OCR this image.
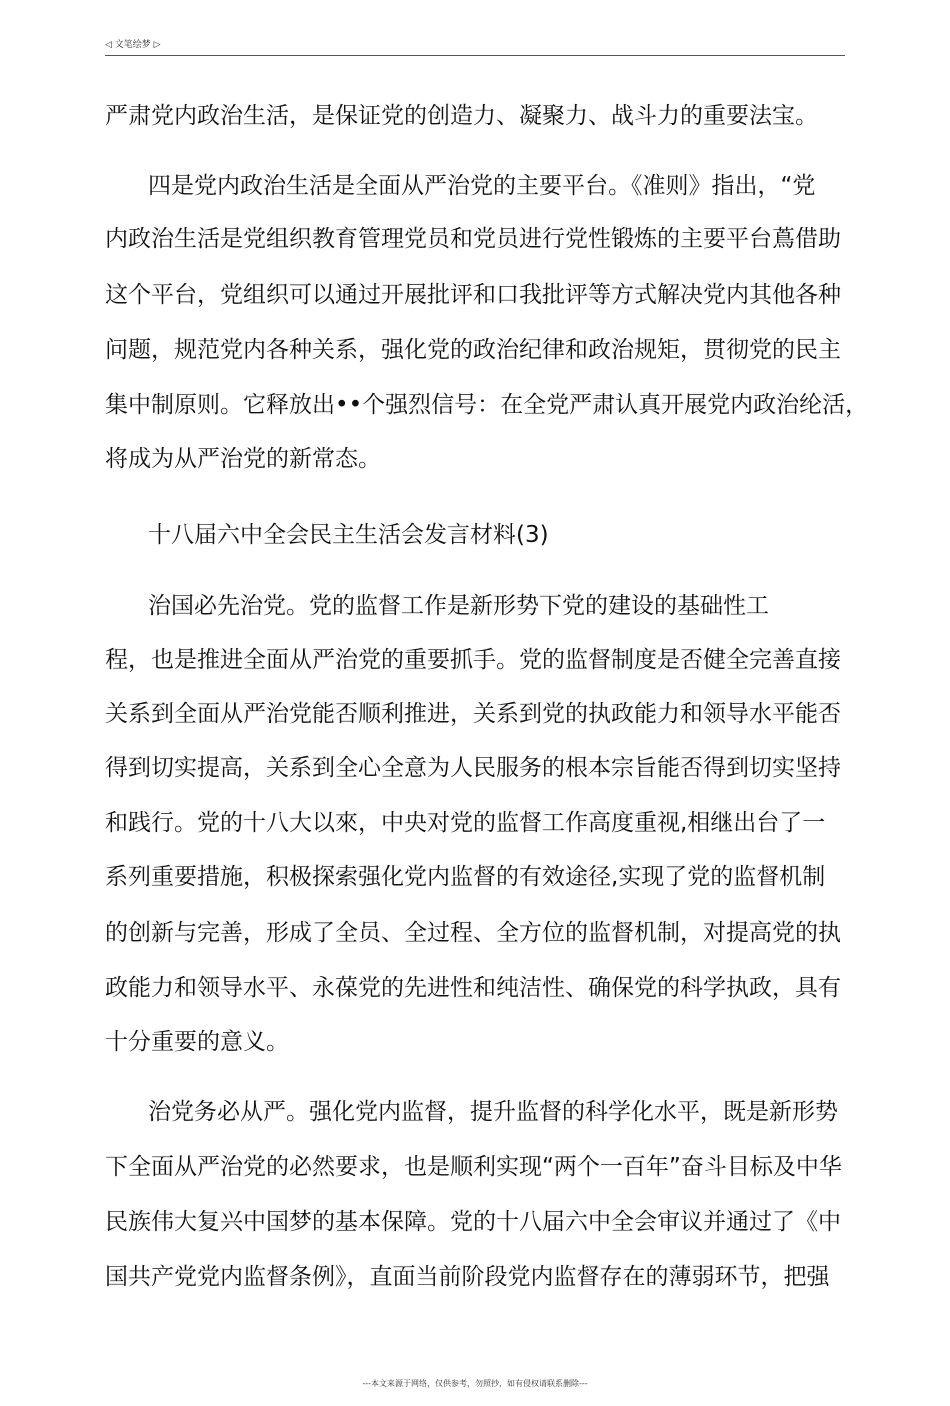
◁ 文笔绘梦 ▷
严肃党内政治生活，是保证党的创造力、凝聚力、战斗力的重要法宝。
四是党内政治生活是全面从严治党的主要平台。《准则》指出，“党
内政治生活是党组织教育管理党员和党员进行党性锻炼的主要平台蔦借助
这个平台，党组织可以通过开展批评和口我批评等方式解决党内其他各种
问题，规范党内各种关系，强化党的政治纪律和政治规矩，贯彻党的民主
集中制原则。它释放出••个强烈信号：在全党严肃认真开展党内政治纶活，
将成为从严治党的新常态。
十八届六中全会民主生活会发言材料(3)
治国必先治党。党的监督工作是新形势下党的建设的基础性工
程，也是推进全面从严治党的重要抓手。党的监督制度是否健全完善直接
关系到全面从严治党能否顺利推进，关系到党的执政能力和领导水平能否
得到切实提高，关系到全心全意为人民服务的根本宗旨能否得到切实坚持
和践行。党的十八大以來，中央对党的监督工作高度重视,相继出台了一
系列重要措施，积极探索强化党内监督的有效途径,实现了党的监督机制
的创新与完善，形成了全员、全过程、全方位的监督机制，对提高党的执
政能力和领导水平、永葆党的先进性和纯洁性、确保党的科学执政，具有
十分重要的意义。
治党务必从严。强化党内监督，提升监督的科学化水平，既是新形势
下全面从严治党的必然要求，也是顺利实现“两个一百年”奋斗目标及中华
民族伟大复兴中国梦的基本保障。党的十八届六中全会审议并通过了《中
国共产党党内监督条例》，直面当前阶段党内监督存在的薄弱环节，把强
---本文来源于网络，仅供参考，勿照抄，如有侵权请联系删除---
